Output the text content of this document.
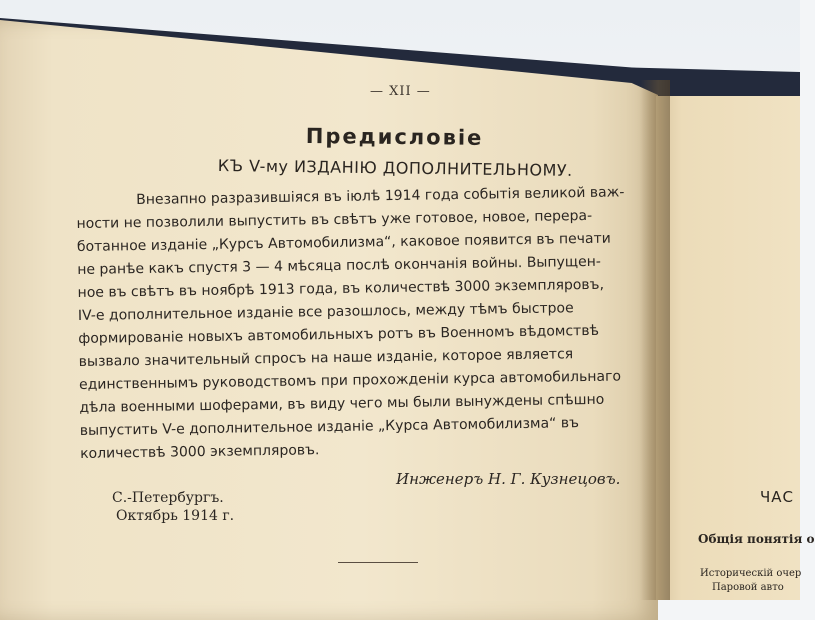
— XII —
Предисловіе
КЪ V-му ИЗДАНІЮ ДОПОЛНИТЕЛЬНОМУ.
Внезапно разразившіяся въ іюлѣ 1914 года событія великой важ-
ности не позволили выпустить въ свѣтъ уже готовое, новое, перера-
ботанное изданіе „Курсъ Автомобилизма“, каковое появится въ печати
не ранѣе какъ спустя 3 — 4 мѣсяца послѣ окончанія войны. Выпущен-
ное въ свѣтъ въ ноябрѣ 1913 года, въ количествѣ 3000 экземпляровъ,
IV-е дополнительное изданіе все разошлось, между тѣмъ быстрое
формированіе новыхъ автомобильныхъ ротъ въ Военномъ вѣдомствѣ
вызвало значительный спросъ на наше изданіе, которое является
единственнымъ руководствомъ при прохожденіи курса автомобильнаго
дѣла военными шоферами, въ виду чего мы были вынуждены спѣшно
выпустить V-е дополнительное изданіе „Курса Автомобилизма“ въ
количествѣ 3000 экземпляровъ.
Инженеръ Н. Г. Кузнецовъ.
С.-Петербургъ.
Октябрь 1914 г.
ЧАС
Общія понятія о
Историческій очер
Паровой авто
